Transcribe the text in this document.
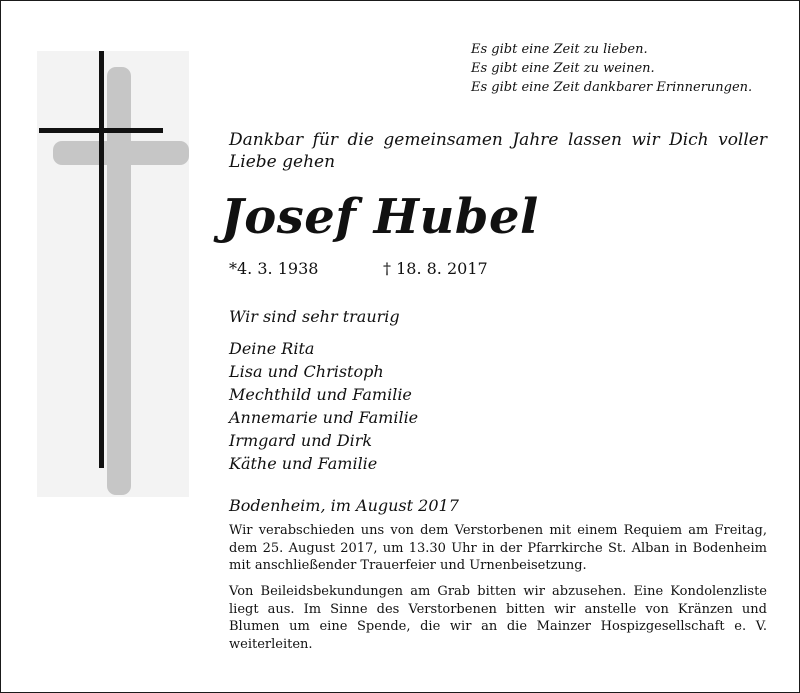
Es gibt eine Zeit zu lieben.
Es gibt eine Zeit zu weinen.
Es gibt eine Zeit dankbarer Erinnerungen.
Dankbar für die gemeinsamen Jahre lassen wir Dich voller Liebe gehen
Josef Hubel
*4. 3. 1938	† 18. 8. 2017
Wir sind sehr traurig
Deine Rita
Lisa und Christoph
Mechthild und Familie
Annemarie und Familie
Irmgard und Dirk
Käthe und Familie
Bodenheim, im August 2017
Wir verabschieden uns von dem Verstorbenen mit einem Requiem am Freitag, dem 25. August 2017, um 13.30 Uhr in der Pfarrkirche St. Alban in Bodenheim mit anschließender Trauerfeier und Urnenbeisetzung.
Von Beileidsbekundungen am Grab bitten wir abzusehen. Eine Kondolenzliste liegt aus. Im Sinne des Verstorbenen bitten wir anstelle von Kränzen und Blumen um eine Spende, die wir an die Mainzer Hospizgesellschaft e. V. weiterleiten.
